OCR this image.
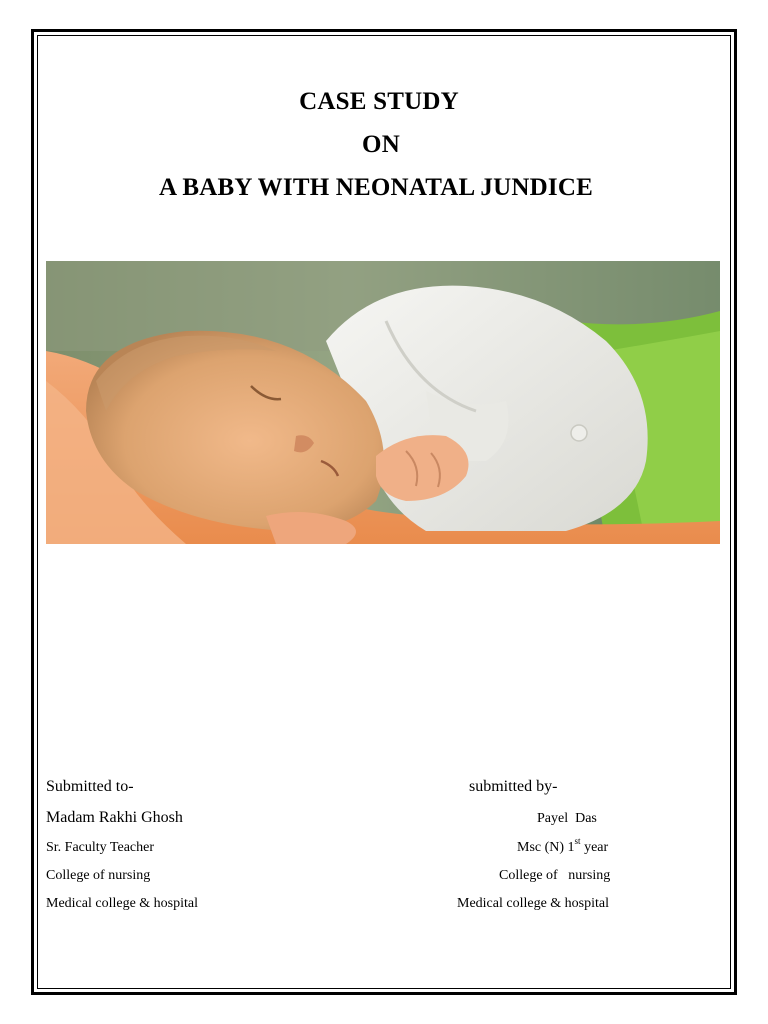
CASE STUDY
ON
A BABY WITH NEONATAL JUNDICE
Submitted to-
Madam Rakhi Ghosh
Sr. Faculty Teacher
College of nursing
Medical college & hospital
submitted by-
Payel  Das
Msc (N) 1st year
College of   nursing
Medical college & hospital
